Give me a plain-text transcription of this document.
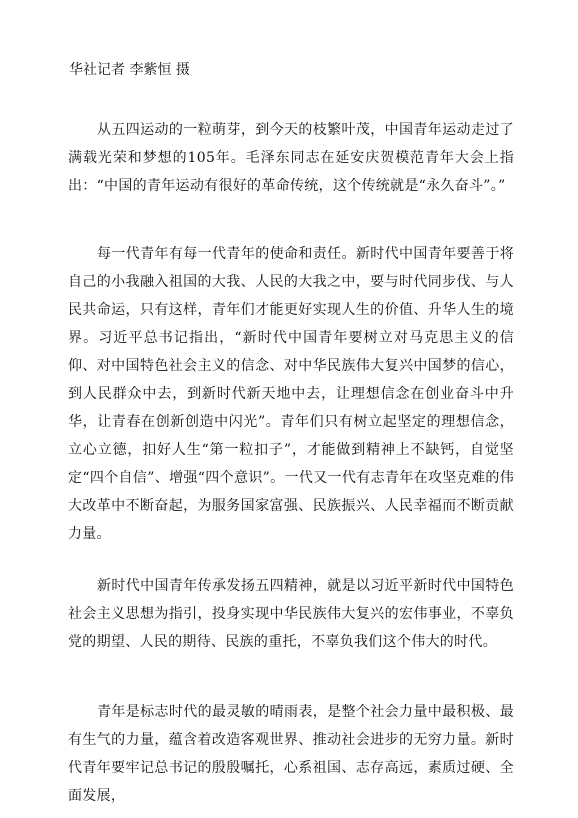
华社记者 李紫恒 摄

从五四运动的一粒萌芽，到今天的枝繁叶茂，中国青年运动走过了满载光荣和梦想的105年。毛泽东同志在延安庆贺模范青年大会上指出：“中国的青年运动有很好的革命传统，这个传统就是“永久奋斗”。”

每一代青年有每一代青年的使命和责任。新时代中国青年要善于将自己的小我融入祖国的大我、人民的大我之中，要与时代同步伐、与人民共命运，只有这样，青年们才能更好实现人生的价值、升华人生的境界。习近平总书记指出，“新时代中国青年要树立对马克思主义的信仰、对中国特色社会主义的信念、对中华民族伟大复兴中国梦的信心，到人民群众中去，到新时代新天地中去，让理想信念在创业奋斗中升华，让青春在创新创造中闪光”。青年们只有树立起坚定的理想信念，立心立德，扣好人生“第一粒扣子”，才能做到精神上不缺钙，自觉坚定“四个自信”、增强“四个意识”。一代又一代有志青年在攻坚克难的伟大改革中不断奋起，为服务国家富强、民族振兴、人民幸福而不断贡献力量。

新时代中国青年传承发扬五四精神，就是以习近平新时代中国特色社会主义思想为指引，投身实现中华民族伟大复兴的宏伟事业，不辜负党的期望、人民的期待、民族的重托，不辜负我们这个伟大的时代。

青年是标志时代的最灵敏的晴雨表，是整个社会力量中最积极、最有生气的力量，蕴含着改造客观世界、推动社会进步的无穷力量。新时代青年要牢记总书记的殷殷嘱托，心系祖国、志存高远，素质过硬、全面发展，
